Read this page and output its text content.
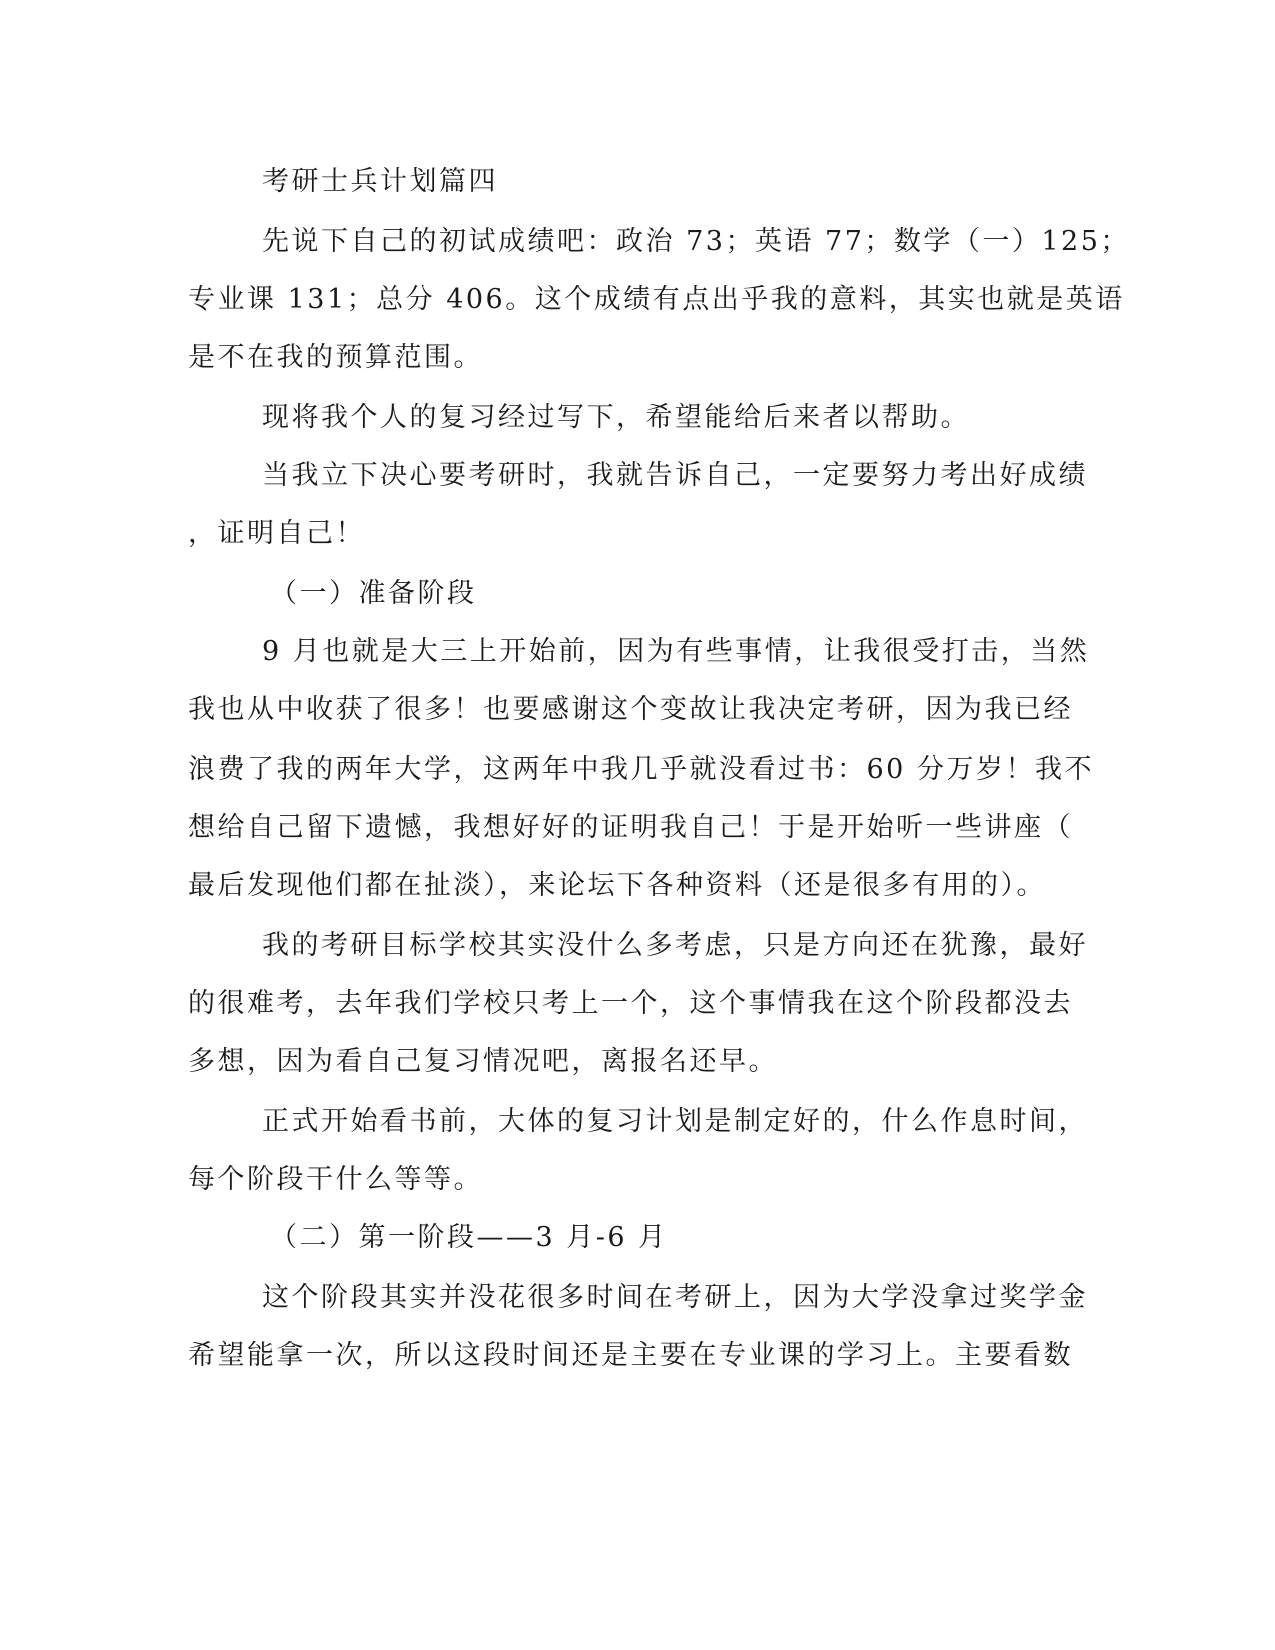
考研士兵计划篇四
先说下自己的初试成绩吧：政治 73；英语 77；数学（一）125；
专业课 131；总分 406。这个成绩有点出乎我的意料，其实也就是英语
是不在我的预算范围。
现将我个人的复习经过写下，希望能给后来者以帮助。
当我立下决心要考研时，我就告诉自己，一定要努力考出好成绩
，证明自己！
（一）准备阶段
9 月也就是大三上开始前，因为有些事情，让我很受打击，当然
我也从中收获了很多！也要感谢这个变故让我决定考研，因为我已经
浪费了我的两年大学，这两年中我几乎就没看过书：60 分万岁！我不
想给自己留下遗憾，我想好好的证明我自己！于是开始听一些讲座（
最后发现他们都在扯淡），来论坛下各种资料（还是很多有用的）。
我的考研目标学校其实没什么多考虑，只是方向还在犹豫，最好
的很难考，去年我们学校只考上一个，这个事情我在这个阶段都没去
多想，因为看自己复习情况吧，离报名还早。
正式开始看书前，大体的复习计划是制定好的，什么作息时间，
每个阶段干什么等等。
（二）第一阶段——3 月-6 月
这个阶段其实并没花很多时间在考研上，因为大学没拿过奖学金
希望能拿一次，所以这段时间还是主要在专业课的学习上。主要看数
